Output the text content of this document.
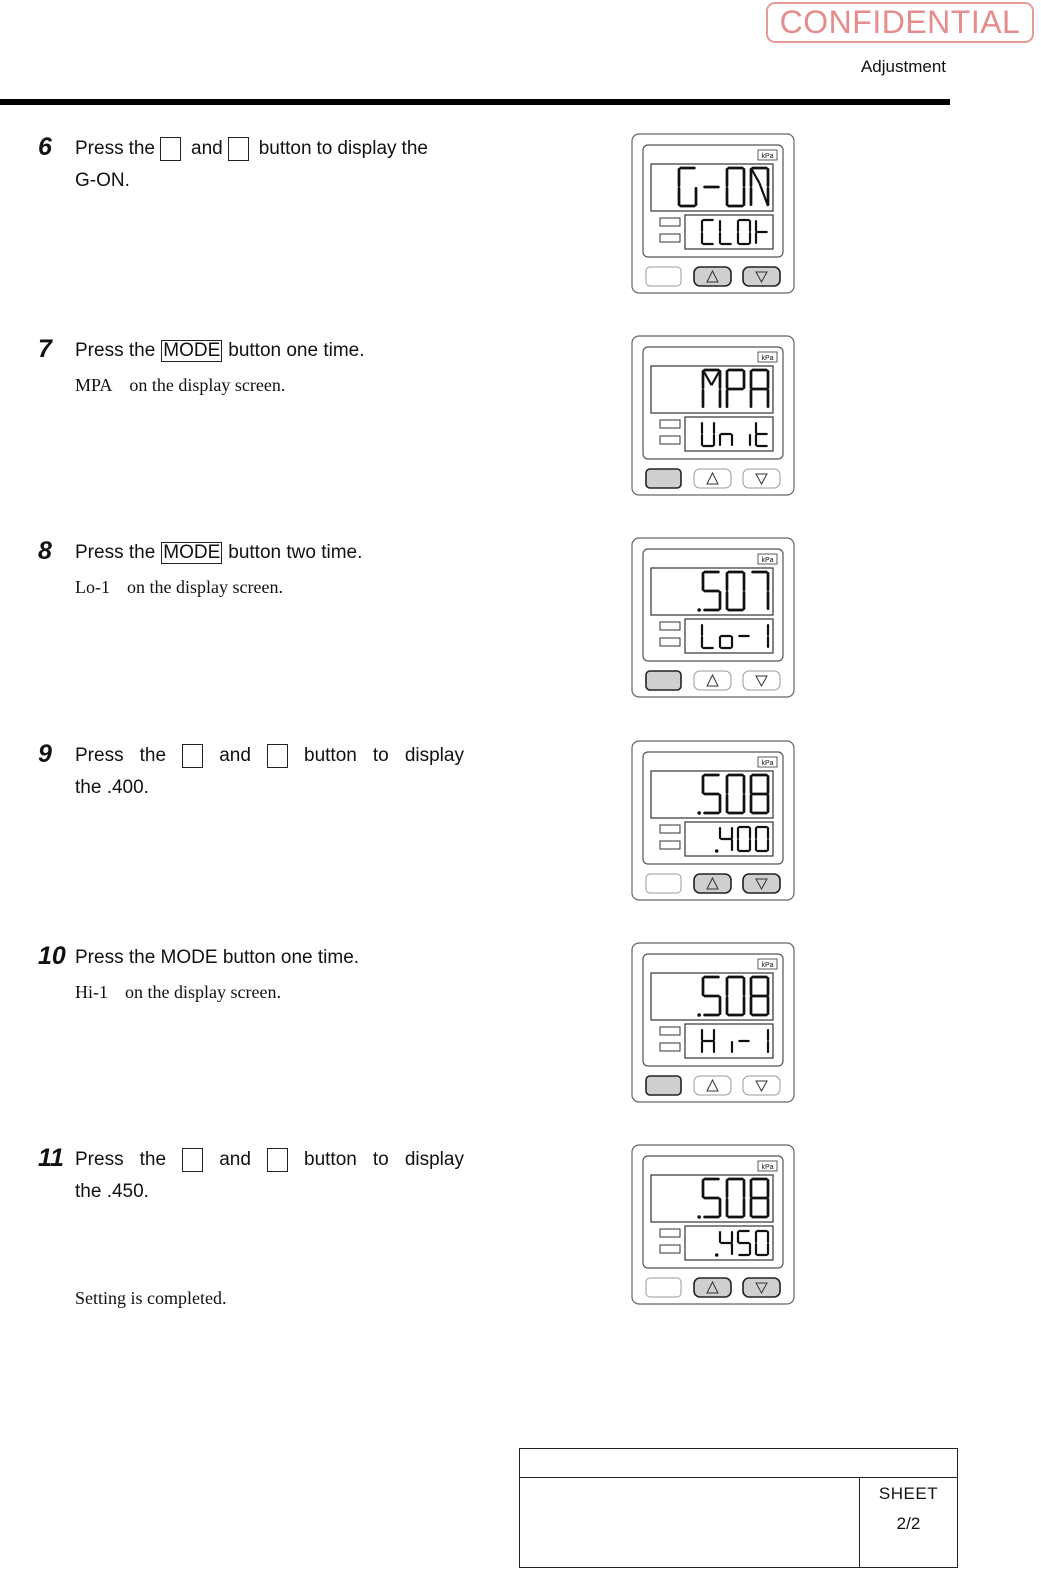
CONFIDENTIAL
Adjustment
6 Press the and button to display the
G-ON.
7 Press the MODE button one time.
MPA on the display screen.
8 Press the MODE button two time.
Lo-1 on the display screen.
9 Press the	and	button to display
the .400.
10 Press the MODE button one time.
Hi-1 on the display screen.
11 Press the	and	button to display
the .450.
Setting is completed.
kPa
kPa
kPa
kPa
kPa
kPa
SHEET
2/2
